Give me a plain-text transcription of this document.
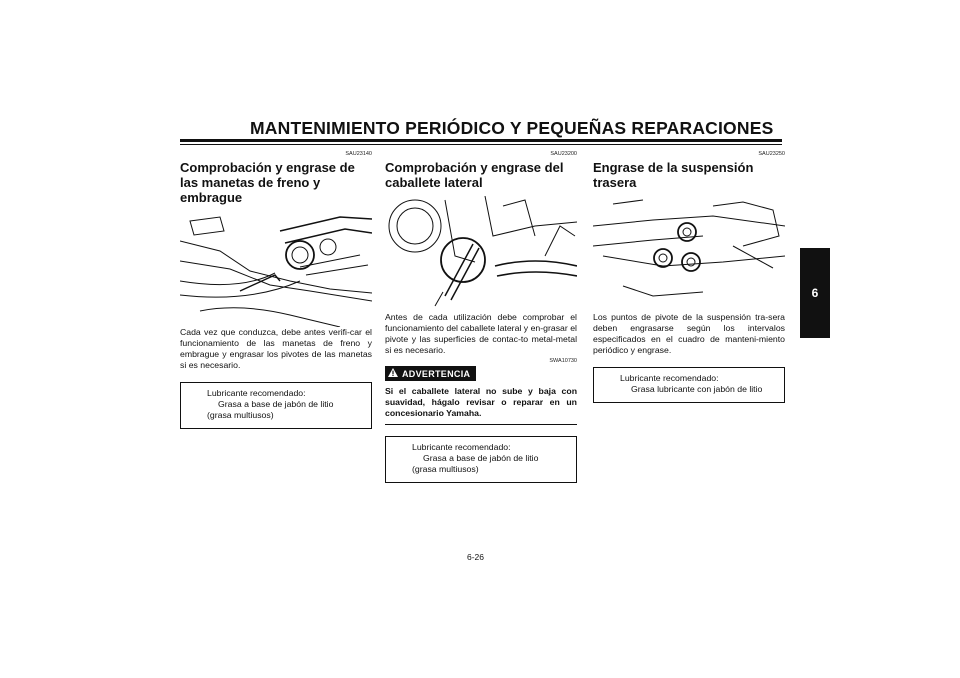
MANTENIMIENTO PERIÓDICO Y PEQUEÑAS REPARACIONES
6
SAU23140
Comprobación y engrase de las manetas de freno y embrague

Cada vez que conduzca, debe antes verifi-car el funcionamiento de las manetas de freno y embrague y engrasar los pivotes de las manetas si es necesario.

Lubricante recomendado:
Grasa a base de jabón de litio
(grasa multiusos)
SAU23200
Comprobación y engrase del caballete lateral

Antes de cada utilización debe comprobar el funcionamiento del caballete lateral y en-grasar el pivote y las superficies de contac-to metal-metal si es necesario.

SWA10730
ADVERTENCIA
Si el caballete lateral no sube y baja con suavidad, hágalo revisar o reparar en un concesionario Yamaha.
Lubricante recomendado:
Grasa a base de jabón de litio
(grasa multiusos)
SAU23250
Engrase de la suspensión trasera

Los puntos de pivote de la suspensión tra-sera deben engrasarse según los intervalos especificados en el cuadro de manteni-miento periódico y engrase.

Lubricante recomendado:
Grasa lubricante con jabón de litio
6-26
